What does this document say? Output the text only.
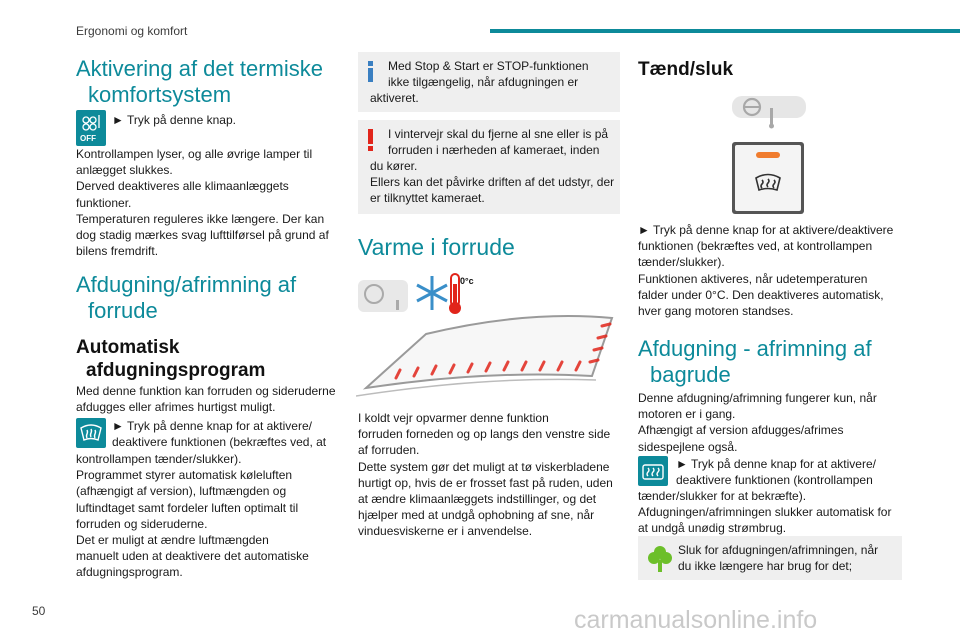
Ergonomi og komfort
Aktivering af det termiske
komfortsystem
OFF
► Tryk på denne knap.
Kontrollampen lyser, og alle øvrige lamper til
anlægget slukkes.
Derved deaktiveres alle klimaanlæggets
funktioner.
Temperaturen reguleres ikke længere. Der kan
dog stadig mærkes svag lufttilførsel på grund af
bilens fremdrift.
Afdugning/afrimning af
forrude
Automatisk
afdugningsprogram
Med denne funktion kan forruden og sideruderne
afdugges eller afrimes hurtigst muligt.
► Tryk på denne knap for at aktivere/
deaktivere funktionen (bekræftes ved, at
kontrollampen tænder/slukker).
Programmet styrer automatisk køleluften
(afhængigt af version), luftmængden og
luftindtaget samt fordeler luften optimalt til
forruden og sideruderne.
Det er muligt at ændre luftmængden
manuelt uden at deaktivere det automatiske
afdugningsprogram.
Med Stop & Start er STOP-funktionen
ikke tilgængelig, når afdugningen er
aktiveret.
I vintervejr skal du fjerne al sne eller is på
forruden i nærheden af kameraet, inden
du kører.
Ellers kan det påvirke driften af det udstyr, der
er tilknyttet kameraet.
Varme i forrude
0°c
I koldt vejr opvarmer denne funktion
forruden forneden og op langs den venstre side
af forruden.
Dette system gør det muligt at tø viskerbladene
hurtigt op, hvis de er frosset fast på ruden, uden
at ændre klimaanlæggets indstillinger, og det
hjælper med at undgå ophobning af sne, når
vinduesviskerne er i anvendelse.
Tænd/sluk
► Tryk på denne knap for at aktivere/deaktivere
funktionen (bekræftes ved, at kontrollampen
tænder/slukker).
Funktionen aktiveres, når udetemperaturen
falder under 0°C. Den deaktiveres automatisk,
hver gang motoren standses.
Afdugning - afrimning af
bagrude
Denne afdugning/afrimning fungerer kun, når
motoren er i gang.
Afhængigt af version afdugges/afrimes
sidespejlene også.
► Tryk på denne knap for at aktivere/
deaktivere funktionen (kontrollampen
tænder/slukker for at bekræfte).
Afdugningen/afrimningen slukker automatisk for
at undgå unødig strømbrug.
Sluk for afdugningen/afrimningen, når
du ikke længere har brug for det;
50	carmanualsonline.info
